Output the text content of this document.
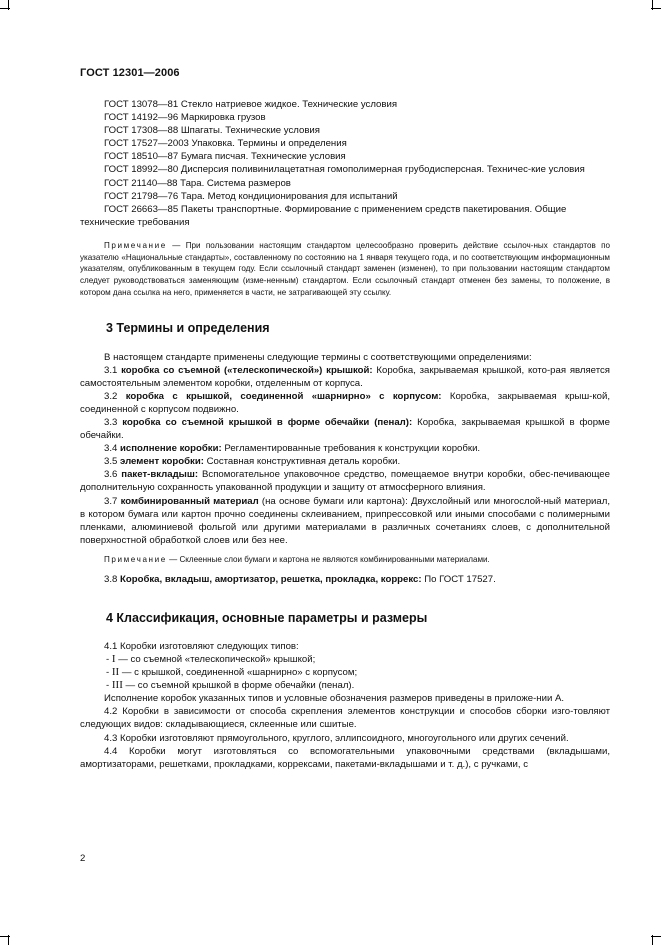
ГОСТ 12301—2006

ГОСТ 13078—81 Стекло натриевое жидкое. Технические условия

ГОСТ 14192—96 Маркировка грузов

ГОСТ 17308—88 Шпагаты. Технические условия

ГОСТ 17527—2003 Упаковка. Термины и определения

ГОСТ 18510—87 Бумага писчая. Технические условия

ГОСТ 18992—80 Дисперсия поливинилацетатная гомополимерная грубодисперсная. Техничес-кие условия

ГОСТ 21140—88 Тара. Система размеров

ГОСТ 21798—76 Тара. Метод кондиционирования для испытаний

ГОСТ 26663—85 Пакеты транспортные. Формирование с применением средств пакетирования. Общие технические требования

Примечание — При пользовании настоящим стандартом целесообразно проверить действие ссылоч-ных стандартов по указателю «Национальные стандарты», составленному по состоянию на 1 января текущего года, и по соответствующим информационным указателям, опубликованным в текущем году. Если ссылочный стандарт заменен (изменен), то при пользовании настоящим стандартом следует руководствоваться заменяющим (изме-ненным) стандартом. Если ссылочный стандарт отменен без замены, то положение, в котором дана ссылка на него, применяется в части, не затрагивающей эту ссылку.

3 Термины и определения

В настоящем стандарте применены следующие термины с соответствующими определениями:

3.1 коробка со съемной («телескопической») крышкой: Коробка, закрываемая крышкой, кото-рая является самостоятельным элементом коробки, отделенным от корпуса.

3.2 коробка с крышкой, соединенной «шарнирно» с корпусом: Коробка, закрываемая крыш-кой, соединенной с корпусом подвижно.

3.3 коробка со съемной крышкой в форме обечайки (пенал): Коробка, закрываемая крышкой в форме обечайки.

3.4 исполнение коробки: Регламентированные требования к конструкции коробки.

3.5 элемент коробки: Составная конструктивная деталь коробки.

3.6 пакет-вкладыш: Вспомогательное упаковочное средство, помещаемое внутри коробки, обес-печивающее дополнительную сохранность упакованной продукции и защиту от атмосферного влияния.

3.7 комбинированный материал (на основе бумаги или картона): Двухслойный или многослой-ный материал, в котором бумага или картон прочно соединены склеиванием, припрессовкой или иными способами с полимерными пленками, алюминиевой фольгой или другими материалами в различных сочетаниях слоев, с дополнительной поверхностной обработкой слоев или без нее.

Примечание — Склеенные слои бумаги и картона не являются комбинированными материалами.

3.8 Коробка, вкладыш, амортизатор, решетка, прокладка, коррекс: По ГОСТ 17527.

4 Классификация, основные параметры и размеры

4.1 Коробки изготовляют следующих типов:

- I — со съемной «телескопической» крышкой;

- II — с крышкой, соединенной «шарнирно» с корпусом;

- III — со съемной крышкой в форме обечайки (пенал).

Исполнение коробок указанных типов и условные обозначения размеров приведены в приложе-нии А.

4.2 Коробки в зависимости от способа скрепления элементов конструкции и способов сборки изго-товляют следующих видов: складывающиеся, склеенные или сшитые.

4.3 Коробки изготовляют прямоугольного, круглого, эллипсоидного, многоугольного или других сечений.

4.4 Коробки могут изготовляться со вспомогательными упаковочными средствами (вкладышами, амортизаторами, решетками, прокладками, коррексами, пакетами-вкладышами и т. д.), с ручками, с

2
